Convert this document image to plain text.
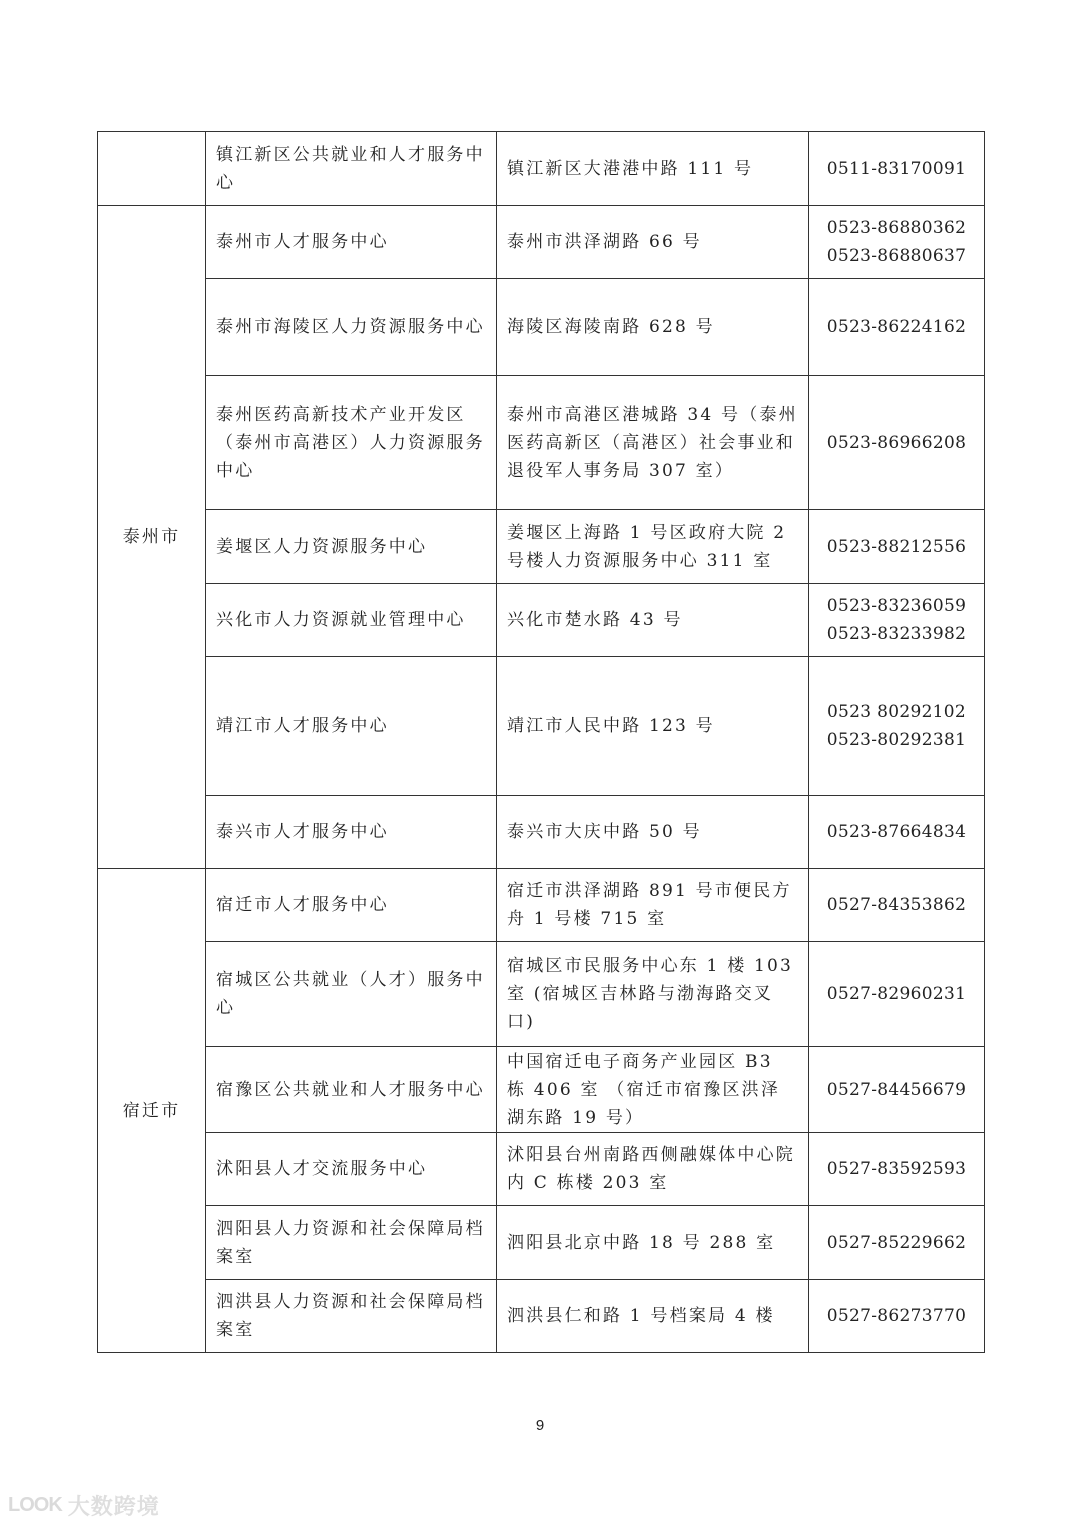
	镇江新区公共就业和人才服务中心	镇江新区大港港中路 111 号	0511-83170091

泰州市	泰州市人才服务中心	泰州市洪泽湖路 66 号	0523-86880362
0523-86880637

	泰州市海陵区人力资源服务中心	海陵区海陵南路 628 号	0523-86224162

	泰州医药高新技术产业开发区（泰州市高港区）人力资源服务中心	泰州市高港区港城路 34 号（泰州医药高新区（高港区）社会事业和退役军人事务局 307 室）	0523-86966208

	姜堰区人力资源服务中心	姜堰区上海路 1 号区政府大院 2 号楼人力资源服务中心 311 室	0523-88212556

	兴化市人力资源就业管理中心	兴化市楚水路 43 号	0523-83236059
0523-83233982

	靖江市人才服务中心	靖江市人民中路 123 号	0523 80292102
0523-80292381

	泰兴市人才服务中心	泰兴市大庆中路 50 号	0523-87664834

宿迁市	宿迁市人才服务中心	宿迁市洪泽湖路 891 号市便民方舟 1 号楼 715 室	0527-84353862

	宿城区公共就业（人才）服务中心	宿城区市民服务中心东 1 楼 103 室 (宿城区吉林路与渤海路交叉口)	0527-82960231

	宿豫区公共就业和人才服务中心	中国宿迁电子商务产业园区 B3 栋 406 室 （宿迁市宿豫区洪泽湖东路 19 号）	0527-84456679

	沭阳县人才交流服务中心	沭阳县台州南路西侧融媒体中心院内 C 栋楼 203 室	0527-83592593

	泗阳县人力资源和社会保障局档案室	泗阳县北京中路 18 号 288 室	0527-85229662

	泗洪县人力资源和社会保障局档案室	泗洪县仁和路 1 号档案局 4 楼	0527-86273770
9
LOOK 大数跨境
